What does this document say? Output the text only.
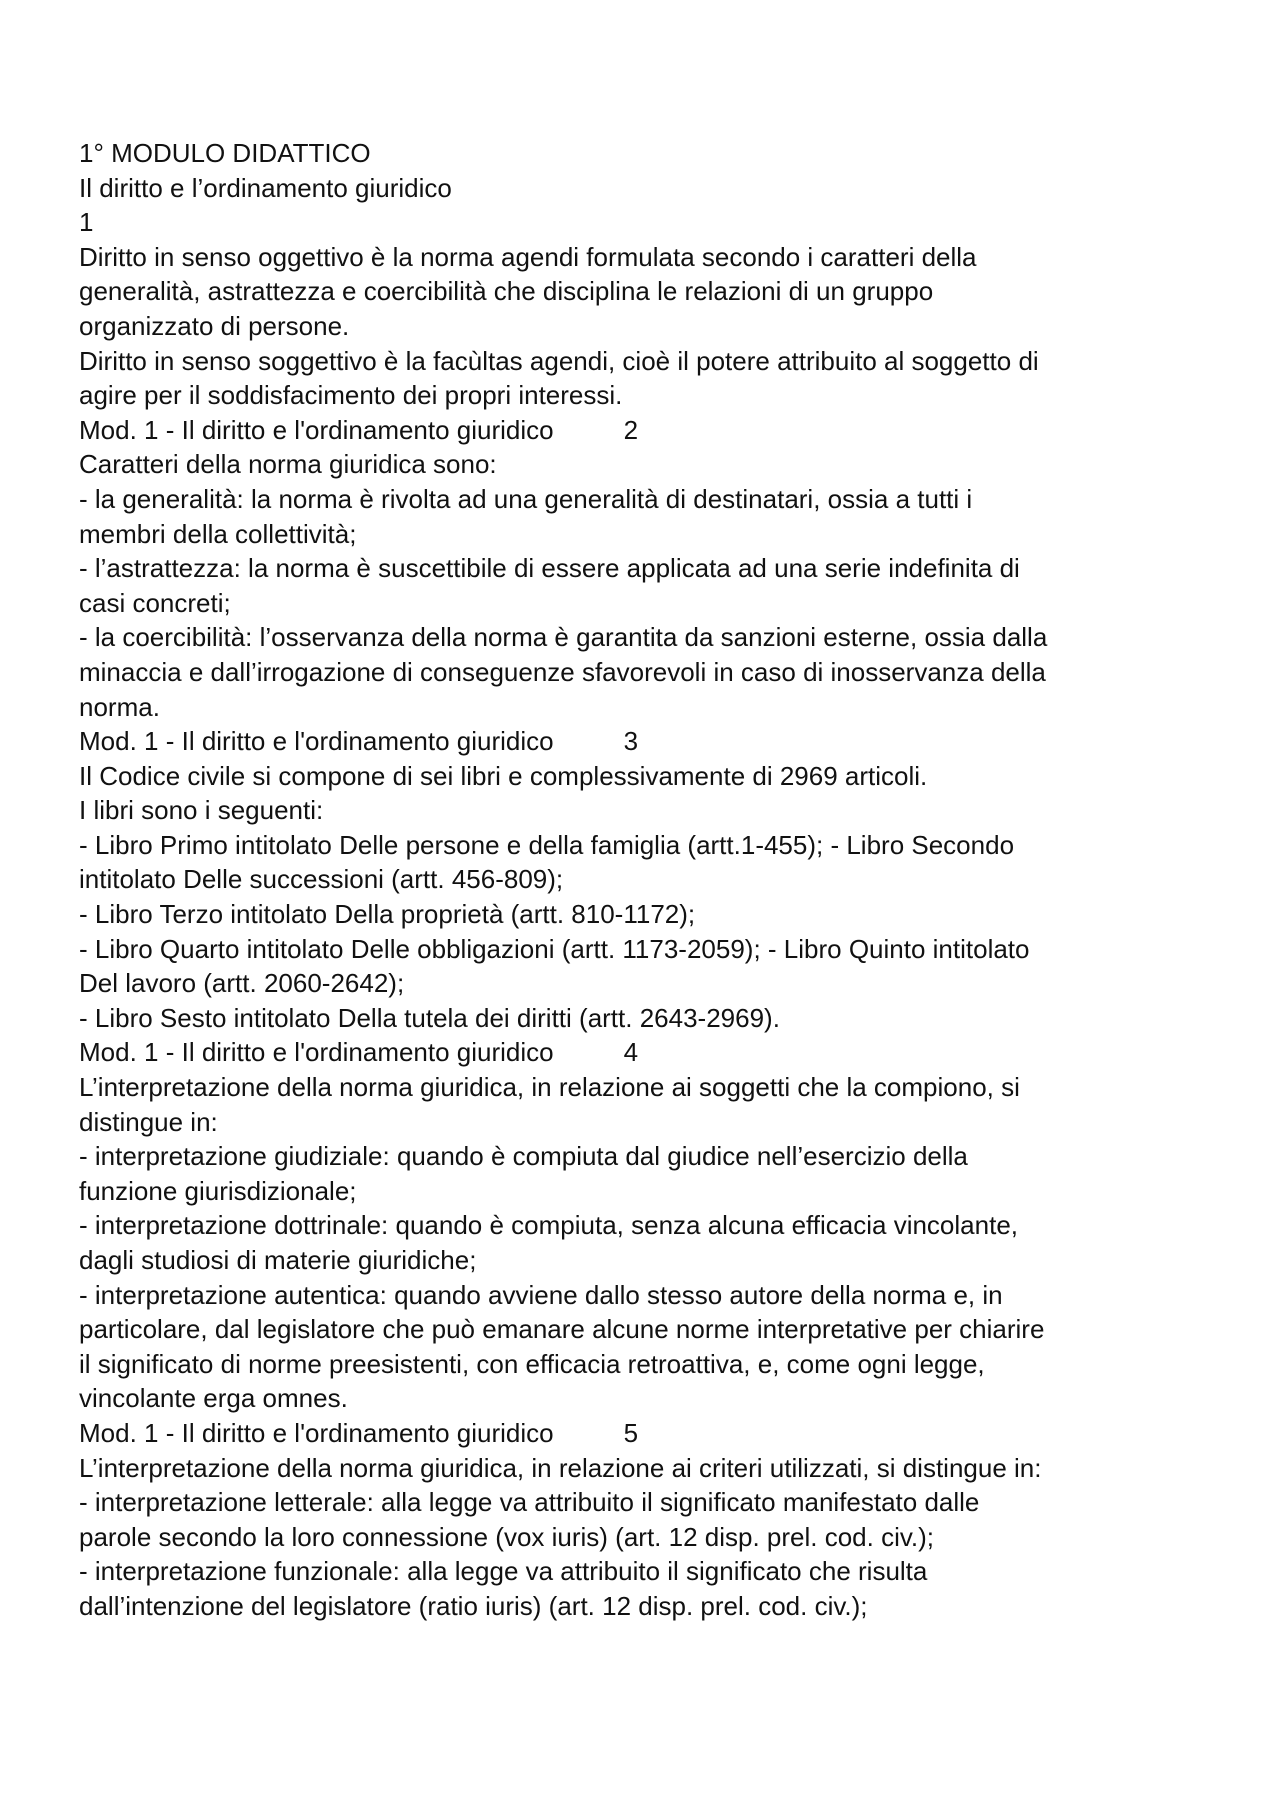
1° MODULO DIDATTICO
Il diritto e l’ordinamento giuridico
1
Diritto in senso oggettivo è la norma agendi formulata secondo i caratteri della
generalità, astrattezza e coercibilità che disciplina le relazioni di un gruppo
organizzato di persone.
Diritto in senso soggettivo è la facùltas agendi, cioè il potere attribuito al soggetto di
agire per il soddisfacimento dei propri interessi.
Mod. 1 - Il diritto e l'ordinamento giuridico	2
Caratteri della norma giuridica sono:
- la generalità: la norma è rivolta ad una generalità di destinatari, ossia a tutti i
membri della collettività;
- l’astrattezza: la norma è suscettibile di essere applicata ad una serie indefinita di
casi concreti;
- la coercibilità: l’osservanza della norma è garantita da sanzioni esterne, ossia dalla
minaccia e dall’irrogazione di conseguenze sfavorevoli in caso di inosservanza della
norma.
Mod. 1 - Il diritto e l'ordinamento giuridico	3
Il Codice civile si compone di sei libri e complessivamente di 2969 articoli.
I libri sono i seguenti:
- Libro Primo intitolato Delle persone e della famiglia (artt.1-455); - Libro Secondo
intitolato Delle successioni (artt. 456-809);
- Libro Terzo intitolato Della proprietà (artt. 810-1172);
- Libro Quarto intitolato Delle obbligazioni (artt. 1173-2059); - Libro Quinto intitolato
Del lavoro (artt. 2060-2642);
- Libro Sesto intitolato Della tutela dei diritti (artt. 2643-2969).
Mod. 1 - Il diritto e l'ordinamento giuridico	4
L’interpretazione della norma giuridica, in relazione ai soggetti che la compiono, si
distingue in:
- interpretazione giudiziale: quando è compiuta dal giudice nell’esercizio della
funzione giurisdizionale;
- interpretazione dottrinale: quando è compiuta, senza alcuna efficacia vincolante,
dagli studiosi di materie giuridiche;
- interpretazione autentica: quando avviene dallo stesso autore della norma e, in
particolare, dal legislatore che può emanare alcune norme interpretative per chiarire
il significato di norme preesistenti, con efficacia retroattiva, e, come ogni legge,
vincolante erga omnes.
Mod. 1 - Il diritto e l'ordinamento giuridico	5
L’interpretazione della norma giuridica, in relazione ai criteri utilizzati, si distingue in:
- interpretazione letterale: alla legge va attribuito il significato manifestato dalle
parole secondo la loro connessione (vox iuris) (art. 12 disp. prel. cod. civ.);
- interpretazione funzionale: alla legge va attribuito il significato che risulta
dall’intenzione del legislatore (ratio iuris) (art. 12 disp. prel. cod. civ.);
